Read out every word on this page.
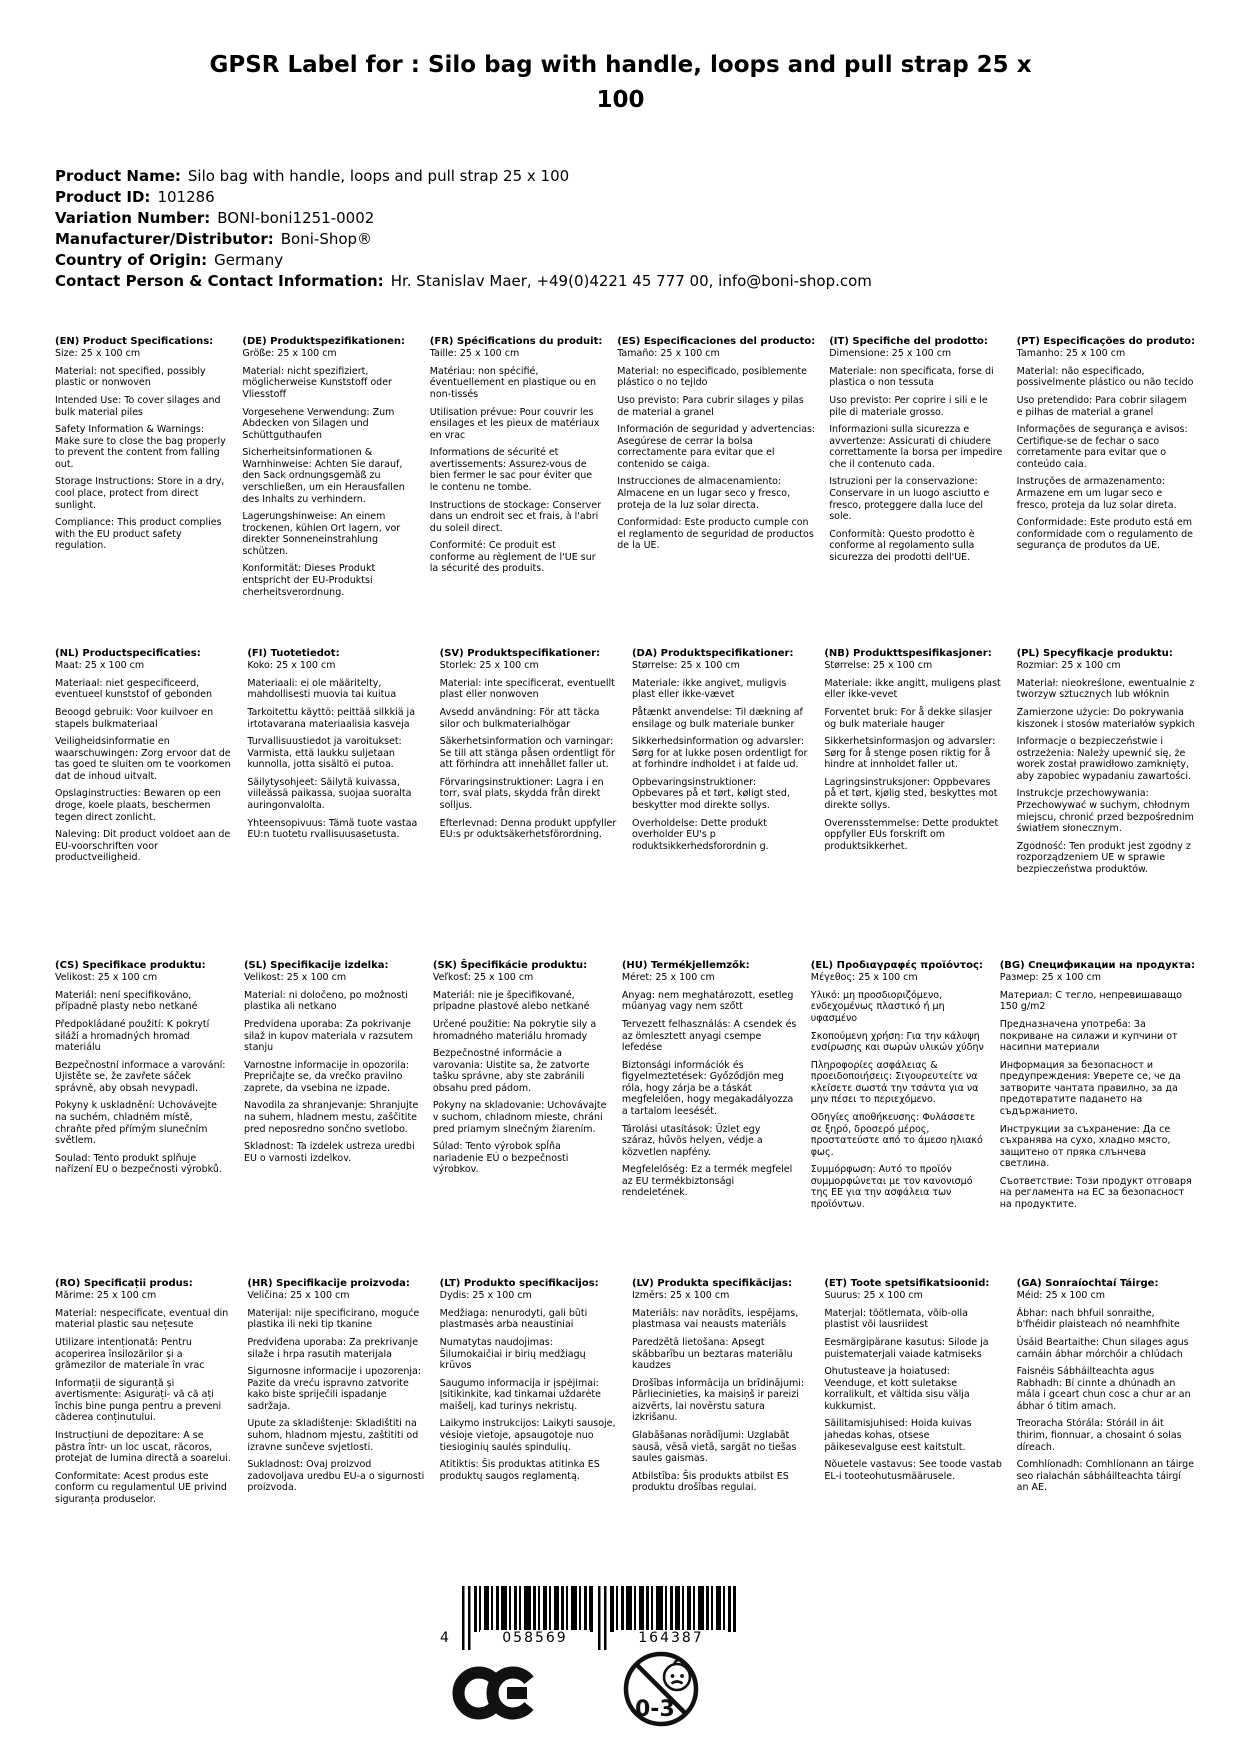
GPSR Label for : Silo bag with handle, loops and pull strap 25 x 100
Product Name: Silo bag with handle, loops and pull strap 25 x 100
Product ID: 101286
Variation Number: BONI-boni1251-0002
Manufacturer/Distributor: Boni-Shop®
Country of Origin: Germany
Contact Person & Contact Information: Hr. Stanislav Maer, +49(0)4221 45 777 00, info@boni-shop.com
(EN) Product Specifications:

Size: 25 x 100 cm

Material: not specified, possibly plastic or nonwoven

Intended Use: To cover silages and bulk material piles

Safety Information & Warnings: Make sure to close the bag properly to prevent the content from falling out.

Storage Instructions: Store in a dry, cool place, protect from direct sunlight.

Compliance: This product complies with the EU product safety regulation.

(DE) Produktspezifikationen:

Größe: 25 x 100 cm

Material: nicht spezifiziert, möglicherweise Kunststoff oder Vliesstoff

Vorgesehene Verwendung: Zum Abdecken von Silagen und Schüttguthaufen

Sicherheitsinformationen & Warnhinweise: Achten Sie darauf, den Sack ordnungsgemäß zu verschließen, um ein Herausfallen des Inhalts zu verhindern.

Lagerungshinweise: An einem trockenen, kühlen Ort lagern, vor direkter Sonneneinstrahlung schützen.

Konformität: Dieses Produkt entspricht der EU-Produktsi cherheitsverordnung.

(FR) Spécifications du produit:

Taille: 25 x 100 cm

Matériau: non spécifié, éventuellement en plastique ou en non-tissés

Utilisation prévue: Pour couvrir les ensilages et les pieux de matériaux en vrac

Informations de sécurité et avertissements: Assurez-vous de bien fermer le sac pour éviter que le contenu ne tombe.

Instructions de stockage: Conserver dans un endroit sec et frais, à l'abri du soleil direct.

Conformité: Ce produit est conforme au règlement de l'UE sur la sécurité des produits.

(ES) Especificaciones del producto:

Tamaño: 25 x 100 cm

Material: no especificado, posiblemente plástico o no tejido

Uso previsto: Para cubrir silages y pilas de material a granel

Información de seguridad y advertencias: Asegúrese de cerrar la bolsa correctamente para evitar que el contenido se caiga.

Instrucciones de almacenamiento: Almacene en un lugar seco y fresco, proteja de la luz solar directa.

Conformidad: Este producto cumple con el reglamento de seguridad de productos de la UE.

(IT) Specifiche del prodotto:

Dimensione: 25 x 100 cm

Materiale: non specificata, forse di plastica o non tessuta

Uso previsto: Per coprire i sili e le pile di materiale grosso.

Informazioni sulla sicurezza e avvertenze: Assicurati di chiudere correttamente la borsa per impedire che il contenuto cada.

Istruzioni per la conservazione: Conservare in un luogo asciutto e fresco, proteggere dalla luce del sole.

Conformità: Questo prodotto è conforme al regolamento sulla sicurezza dei prodotti dell'UE.

(PT) Especificações do produto:

Tamanho: 25 x 100 cm

Material: não especificado, possivelmente plástico ou não tecido

Uso pretendido: Para cobrir silagem e pilhas de material a granel

Informações de segurança e avisos: Certifique-se de fechar o saco corretamente para evitar que o conteúdo caia.

Instruções de armazenamento: Armazene em um lugar seco e fresco, proteja da luz solar direta.

Conformidade: Este produto está em conformidade com o regulamento de segurança de produtos da UE.

(NL) Productspecificaties:

Maat: 25 x 100 cm

Materiaal: niet gespecificeerd, eventueel kunststof of gebonden

Beoogd gebruik: Voor kuilvoer en stapels bulkmateriaal

Veiligheidsinformatie en waarschuwingen: Zorg ervoor dat de tas goed te sluiten om te voorkomen dat de inhoud uitvalt.

Opslaginstructies: Bewaren op een droge, koele plaats, beschermen tegen direct zonlicht.

Naleving: Dit product voldoet aan de EU-voorschriften voor productveiligheid.

(FI) Tuotetiedot:

Koko: 25 x 100 cm

Materiaali: ei ole määritelty, mahdollisesti muovia tai kuitua

Tarkoitettu käyttö: peittää silkkiä ja irtotavarana materiaalisia kasveja

Turvallisuustiedot ja varoitukset: Varmista, että laukku suljetaan kunnolla, jotta sisältö ei putoa.

Säilytysohjeet: Säilytä kuivassa, viileässä paikassa, suojaa suoralta auringonvalolta.

Yhteensopivuus: Tämä tuote vastaa EU:n tuotetu rvallisuusasetusta.

(SV) Produktspecifikationer:

Storlek: 25 x 100 cm

Material: inte specificerat, eventuellt plast eller nonwoven

Avsedd användning: För att täcka silor och bulkmaterialhögar

Säkerhetsinformation och varningar: Se till att stänga påsen ordentligt för att förhindra att innehållet faller ut.

Förvaringsinstruktioner: Lagra i en torr, sval plats, skydda från direkt solljus.

Efterlevnad: Denna produkt uppfyller EU:s pr oduktsäkerhetsförordning.

(DA) Produktspecifikationer:

Størrelse: 25 x 100 cm

Materiale: ikke angivet, muligvis plast eller ikke-vævet

Påtænkt anvendelse: Til dækning af ensilage og bulk materiale bunker

Sikkerhedsinformation og advarsler: Sørg for at lukke posen ordentligt for at forhindre indholdet i at falde ud.

Opbevaringsinstruktioner: Opbevares på et tørt, køligt sted, beskytter mod direkte sollys.

Overholdelse: Dette produkt overholder EU's p roduktsikkerhedsforordnin g.

(NB) Produkttspesifikasjoner:

Størrelse: 25 x 100 cm

Materiale: ikke angitt, muligens plast eller ikke-vevet

Forventet bruk: For å dekke silasjer og bulk materiale hauger

Sikkerhetsinformasjon og advarsler: Sørg for å stenge posen riktig for å hindre at innholdet faller ut.

Lagringsinstruksjoner: Oppbevares på et tørt, kjølig sted, beskyttes mot direkte sollys.

Overensstemmelse: Dette produktet oppfyller EUs forskrift om produktsikkerhet.

(PL) Specyfikacje produktu:

Rozmiar: 25 x 100 cm

Materiał: nieokreślone, ewentualnie z tworzyw sztucznych lub włóknin

Zamierzone użycie: Do pokrywania kiszonek i stosów materiałów sypkich

Informacje o bezpieczeństwie i ostrzeżenia: Należy upewnić się, że worek został prawidłowo zamknięty, aby zapobiec wypadaniu zawartości.

Instrukcje przechowywania: Przechowywać w suchym, chłodnym miejscu, chronić przed bezpośrednim światłem słonecznym.

Zgodność: Ten produkt jest zgodny z rozporządzeniem UE w sprawie bezpieczeństwa produktów.

(CS) Specifikace produktu:

Velikost: 25 x 100 cm

Materiál: není specifikováno, případně plasty nebo netkané

Předpokládané použití: K pokrytí siláží a hromadných hromad materiálu

Bezpečnostní informace a varování: Ujistěte se, že zavřete sáček správně, aby obsah nevypadl.

Pokyny k uskladnění: Uchovávejte na suchém, chladném místě, chraňte před přímým slunečním světlem.

Soulad: Tento produkt splňuje nařízení EU o bezpečnosti výrobků.

(SL) Specifikacije izdelka:

Velikost: 25 x 100 cm

Material: ni določeno, po možnosti plastika ali netkano

Predvidena uporaba: Za pokrivanje silaž in kupov materiala v razsutem stanju

Varnostne informacije in opozorila: Prepričajte se, da vrečko pravilno zaprete, da vsebina ne izpade.

Navodila za shranjevanje: Shranjujte na suhem, hladnem mestu, zaščitite pred neposredno sončno svetlobo.

Skladnost: Ta izdelek ustreza uredbi EU o varnosti izdelkov.

(SK) Špecifikácie produktu:

Veľkosť: 25 x 100 cm

Materiál: nie je špecifikované, prípadne plastové alebo netkané

Určené použitie: Na pokrytie sily a hromadného materiálu hromady

Bezpečnostné informácie a varovania: Uistite sa, že zatvorte tašku správne, aby ste zabránili obsahu pred pádom.

Pokyny na skladovanie: Uchovávajte v suchom, chladnom mieste, chráni pred priamym slnečným žiarením.

Súlad: Tento výrobok spĺňa nariadenie EÚ o bezpečnosti výrobkov.

(HU) Termékjellemzők:

Méret: 25 x 100 cm

Anyag: nem meghatározott, esetleg műanyag vagy nem szőtt

Tervezett felhasználás: A csendek és az ömlesztett anyagi csempe lefedése

Biztonsági információk és figyelmeztetések: Győződjön meg róla, hogy zárja be a táskát megfelelően, hogy megakadályozza a tartalom leesését.

Tárolási utasítások: Üzlet egy száraz, hűvös helyen, védje a közvetlen napfény.

Megfelelőség: Ez a termék megfelel az EU termékbiztonsági rendeletének.

(EL) Προδιαγραφές προϊόντος:

Μέγεθος: 25 x 100 cm

Υλικό: μη προσδιοριζόμενο, ενδεχομένως πλαστικό ή μη υφασμένο

Σκοπούμενη χρήση: Για την κάλυψη ενσίρωσης και σωρών υλικών χύδην

Πληροφορίες ασφάλειας & προειδοποιήσεις: Σιγουρευτείτε να κλείσετε σωστά την τσάντα για να μην πέσει το περιεχόμενο.

Οδηγίες αποθήκευσης: Φυλάσσετε σε ξηρό, δροσερό μέρος, προστατεύστε από το άμεσο ηλιακό φως.

Συμμόρφωση: Αυτό το προϊόν συμμορφώνεται με τον κανονισμό της ΕΕ για την ασφάλεια των προϊόντων.

(BG) Спецификации на продукта:

Размер: 25 x 100 cm

Материал: С тегло, непревишаващо 150 g/m2

Предназначена употреба: За покриване на силажи и купчини от насипни материали

Информация за безопасност и предупреждения: Уверете се, че да затворите чантата правилно, за да предотвратите падането на съдържанието.

Инструкции за съхранение: Да се съхранява на сухо, хладно място, защитено от пряка слънчева светлина.

Съответствие: Този продукт отговаря на регламента на ЕС за безопасност на продуктите.

(RO) Specificații produs:

Mărime: 25 x 100 cm

Material: nespecificate, eventual din material plastic sau nețesute

Utilizare intenționată: Pentru acoperirea însilozărilor și a grămezilor de materiale în vrac

Informații de siguranță și avertismente: Asigurați- vă că ați închis bine punga pentru a preveni căderea conținutului.

Instrucțiuni de depozitare: A se păstra într- un loc uscat, răcoros, protejat de lumina directă a soarelui.

Conformitate: Acest produs este conform cu regulamentul UE privind siguranța produselor.

(HR) Specifikacije proizvoda:

Veličina: 25 x 100 cm

Materijal: nije specificirano, moguće plastika ili neki tip tkanine

Predviđena uporaba: Za prekrivanje silaže i hrpa rasutih materijala

Sigurnosne informacije i upozorenja: Pazite da vreću ispravno zatvorite kako biste spriječili ispadanje sadržaja.

Upute za skladištenje: Skladištiti na suhom, hladnom mjestu, zaštititi od izravne sunčeve svjetlosti.

Sukladnost: Ovaj proizvod zadovoljava uredbu EU-a o sigurnosti proizvoda.

(LT) Produkto specifikacijos:

Dydis: 25 x 100 cm

Medžiaga: nenurodyti, gali būti plastmasės arba neaustiniai

Numatytas naudojimas: Šilumokaičiai ir birių medžiagų krūvos

Saugumo informacija ir įspėjimai: Įsitikinkite, kad tinkamai uždarėte maišelį, kad turinys nekristų.

Laikymo instrukcijos: Laikyti sausoje, vėsioje vietoje, apsaugotoje nuo tiesioginių saulės spindulių.

Atitiktis: Šis produktas atitinka ES produktų saugos reglamentą.

(LV) Produkta specifikācijas:

Izmērs: 25 x 100 cm

Materiāls: nav norādīts, iespējams, plastmasa vai neausts materiāls

Paredzētā lietošana: Apsegt skābbarību un beztaras materiālu kaudzes

Drošības informācija un brīdinājumi: Pārliecinieties, ka maisiņš ir pareizi aizvērts, lai novērstu satura izkrišanu.

Glabāšanas norādījumi: Uzglabāt sausā, vēsā vietā, sargāt no tiešas saules gaismas.

Atbilstība: Šis produkts atbilst ES produktu drošības regulai.

(ET) Toote spetsifikatsioonid:

Suurus: 25 x 100 cm

Materjal: töötlemata, võib-olla plastist või lausriidest

Eesmärgipärane kasutus: Silode ja puistematerjali vaiade katmiseks

Ohutusteave ja hoiatused: Veenduge, et kott suletakse korralikult, et vältida sisu välja kukkumist.

Säilitamisjuhised: Hoida kuivas jahedas kohas, otsese päikesevalguse eest kaitstult.

Nõuetele vastavus: See toode vastab EL-i tooteohutusmäärusele.

(GA) Sonraíochtaí Táirge:

Méid: 25 x 100 cm

Ábhar: nach bhfuil sonraithe, b'fhéidir plaisteach nó neamhfhite

Úsáid Beartaithe: Chun silages agus carnáin ábhar mórchóir a chlúdach

Faisnéis Sábháilteachta agus Rabhadh: Bí cinnte a dhúnadh an mála i gceart chun cosc a chur ar an ábhar ó titim amach.

Treoracha Stórála: Stóráil in áit thirim, fionnuar, a chosaint ó solas díreach.

Comhlíonadh: Comhlíonann an táirge seo rialachán sábháilteachta táirgí an AE.

4	058569	164387
0-3
